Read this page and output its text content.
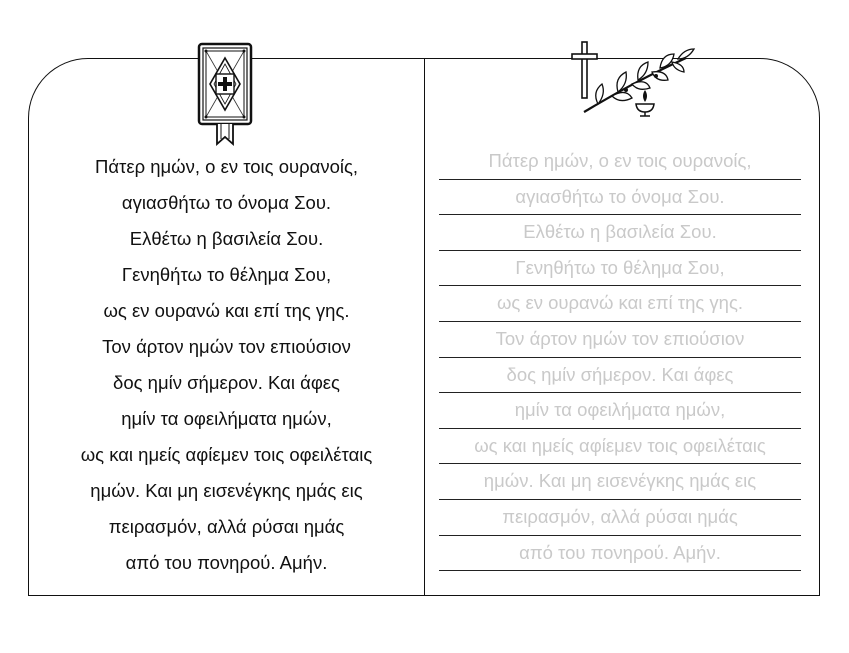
Πάτερ ημών, ο εν τοις ουρανοίς,
αγιασθήτω το όνομα Σου.
Ελθέτω η βασιλεία Σου.
Γενηθήτω το θέλημα Σου,
ως εν ουρανώ και επί της γης.
Τον άρτον ημών τον επιούσιον
δος ημίν σήμερον. Και άφες
ημίν τα οφειλήματα ημών,
ως και ημείς αφίεμεν τοις οφειλέταις
ημών. Και μη εισενέγκης ημάς εις
πειρασμόν, αλλά ρύσαι ημάς
από του πονηρού. Αμήν.
Πάτερ ημών, ο εν τοις ουρανοίς,
αγιασθήτω το όνομα Σου.
Ελθέτω η βασιλεία Σου.
Γενηθήτω το θέλημα Σου,
ως εν ουρανώ και επί της γης.
Τον άρτον ημών τον επιούσιον
δος ημίν σήμερον. Και άφες
ημίν τα οφειλήματα ημών,
ως και ημείς αφίεμεν τοις οφειλέταις
ημών. Και μη εισενέγκης ημάς εις
πειρασμόν, αλλά ρύσαι ημάς
από του πονηρού. Αμήν.
